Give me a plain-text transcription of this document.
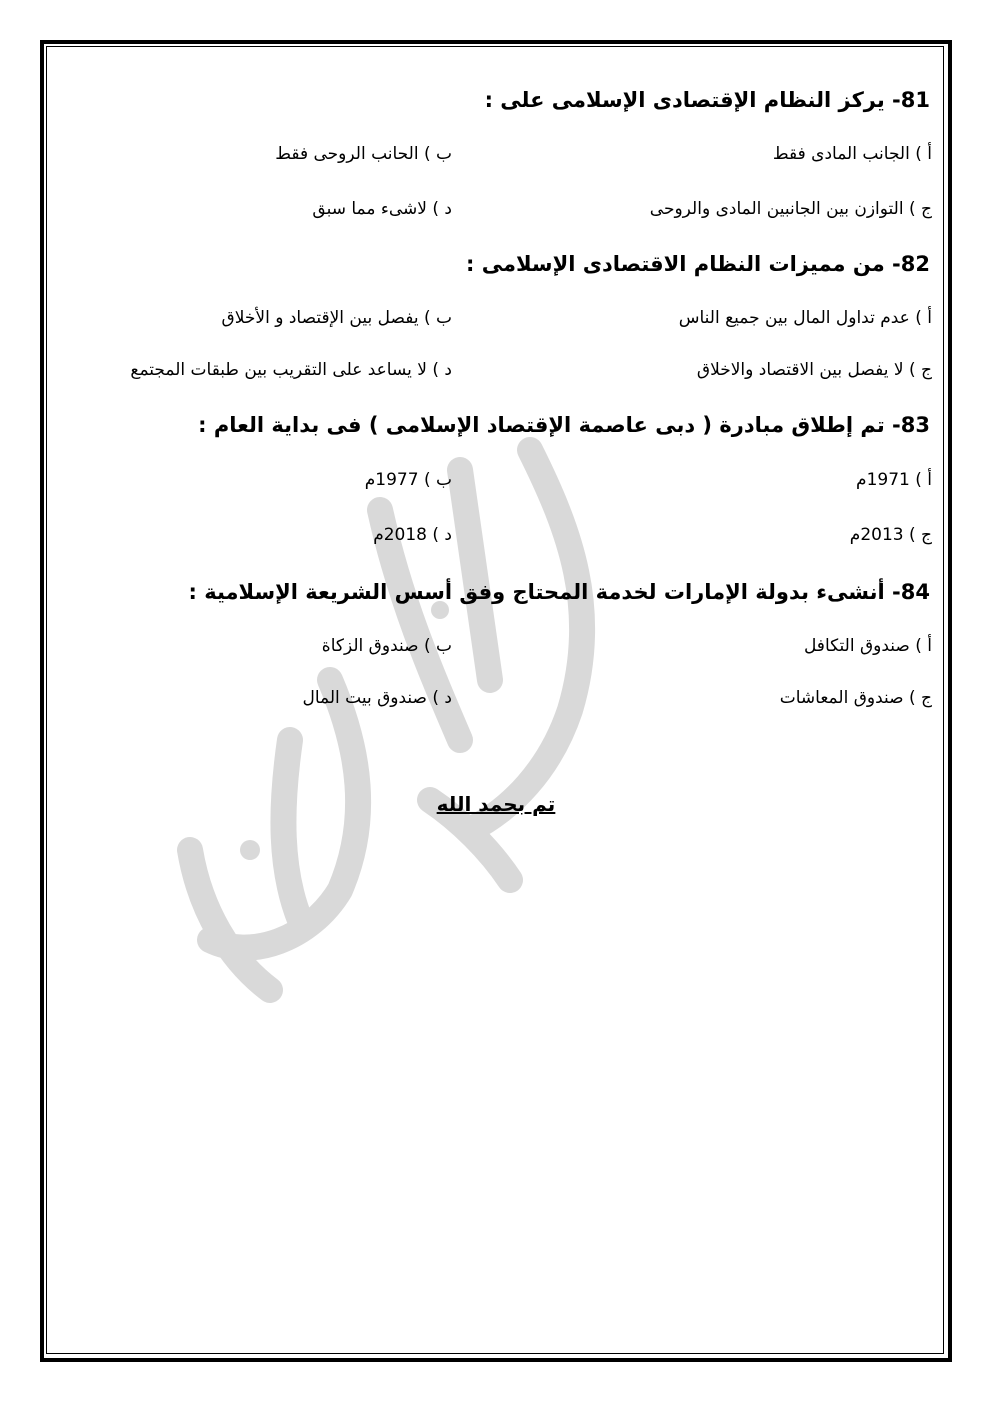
81- يركز النظام الإقتصادى الإسلامى على :
أ ) الجانب المادى فقط
ب ) الحانب الروحى فقط
ج ) التوازن بين الجانبين المادى والروحى
د ) لاشىء مما سبق
82- من مميزات النظام الاقتصادى الإسلامى :
أ ) عدم تداول المال بين جميع الناس
ب ) يفصل بين الإقتصاد و الأخلاق
ج ) لا يفصل بين الاقتصاد والاخلاق
د ) لا يساعد على التقريب بين طبقات المجتمع
83- تم إطلاق مبادرة ( دبى عاصمة الإقتصاد الإسلامى ) فى بداية العام :
أ ) 1971م
ب ) 1977م
ج ) 2013م
د ) 2018م
84- أنشىء بدولة الإمارات لخدمة المحتاج وفق أسس الشريعة الإسلامية :
أ ) صندوق التكافل
ب ) صندوق الزكاة
ج ) صندوق المعاشات
د ) صندوق بيت المال
تم بحمد الله
